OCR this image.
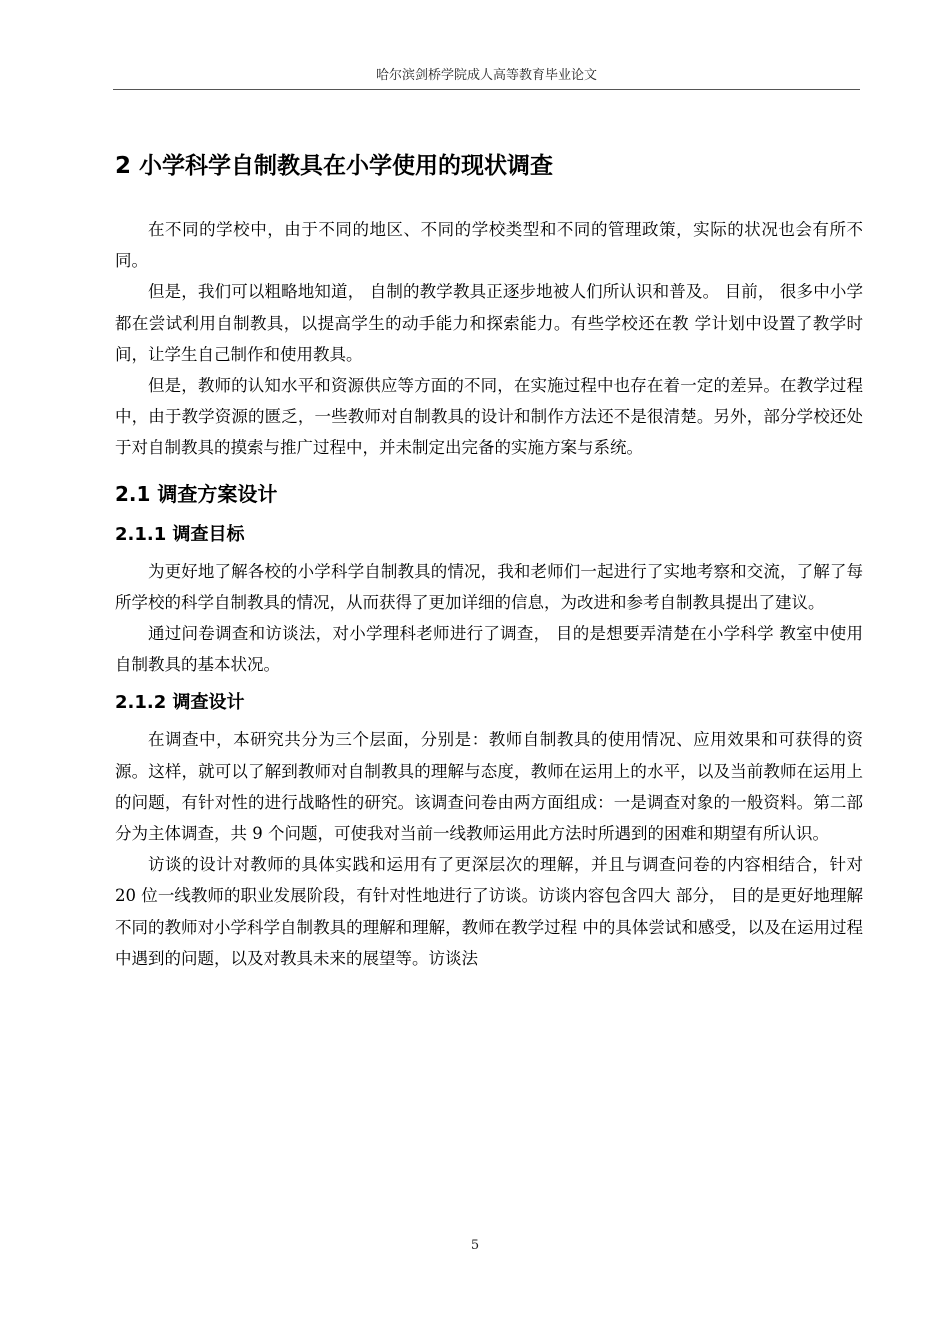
哈尔滨剑桥学院成人高等教育毕业论文
2 小学科学自制教具在小学使用的现状调查

在不同的学校中，由于不同的地区、不同的学校类型和不同的管理政策，实际的状况也会有所不同。

但是，我们可以粗略地知道， 自制的教学教具正逐步地被人们所认识和普及。 目前， 很多中小学都在尝试利用自制教具，以提高学生的动手能力和探索能力。有些学校还在教 学计划中设置了教学时间，让学生自己制作和使用教具。

但是，教师的认知水平和资源供应等方面的不同，在实施过程中也存在着一定的差异。在教学过程中，由于教学资源的匮乏，一些教师对自制教具的设计和制作方法还不是很清楚。另外，部分学校还处于对自制教具的摸索与推广过程中，并未制定出完备的实施方案与系统。

2.1 调查方案设计
2.1.1 调查目标

为更好地了解各校的小学科学自制教具的情况，我和老师们一起进行了实地考察和交流，了解了每所学校的科学自制教具的情况，从而获得了更加详细的信息，为改进和参考自制教具提出了建议。

通过问卷调查和访谈法，对小学理科老师进行了调查， 目的是想要弄清楚在小学科学 教室中使用自制教具的基本状况。

2.1.2 调查设计

在调查中，本研究共分为三个层面，分别是：教师自制教具的使用情况、应用效果和可获得的资源。这样，就可以了解到教师对自制教具的理解与态度，教师在运用上的水平，以及当前教师在运用上的问题，有针对性的进行战略性的研究。该调查问卷由两方面组成：一是调查对象的一般资料。第二部分为主体调查，共 9 个问题，可使我对当前一线教师运用此方法时所遇到的困难和期望有所认识。

访谈的设计对教师的具体实践和运用有了更深层次的理解，并且与调查问卷的内容相结合，针对 20 位一线教师的职业发展阶段，有针对性地进行了访谈。访谈内容包含四大 部分， 目的是更好地理解不同的教师对小学科学自制教具的理解和理解，教师在教学过程 中的具体尝试和感受，以及在运用过程中遇到的问题，以及对教具未来的展望等。访谈法

5
